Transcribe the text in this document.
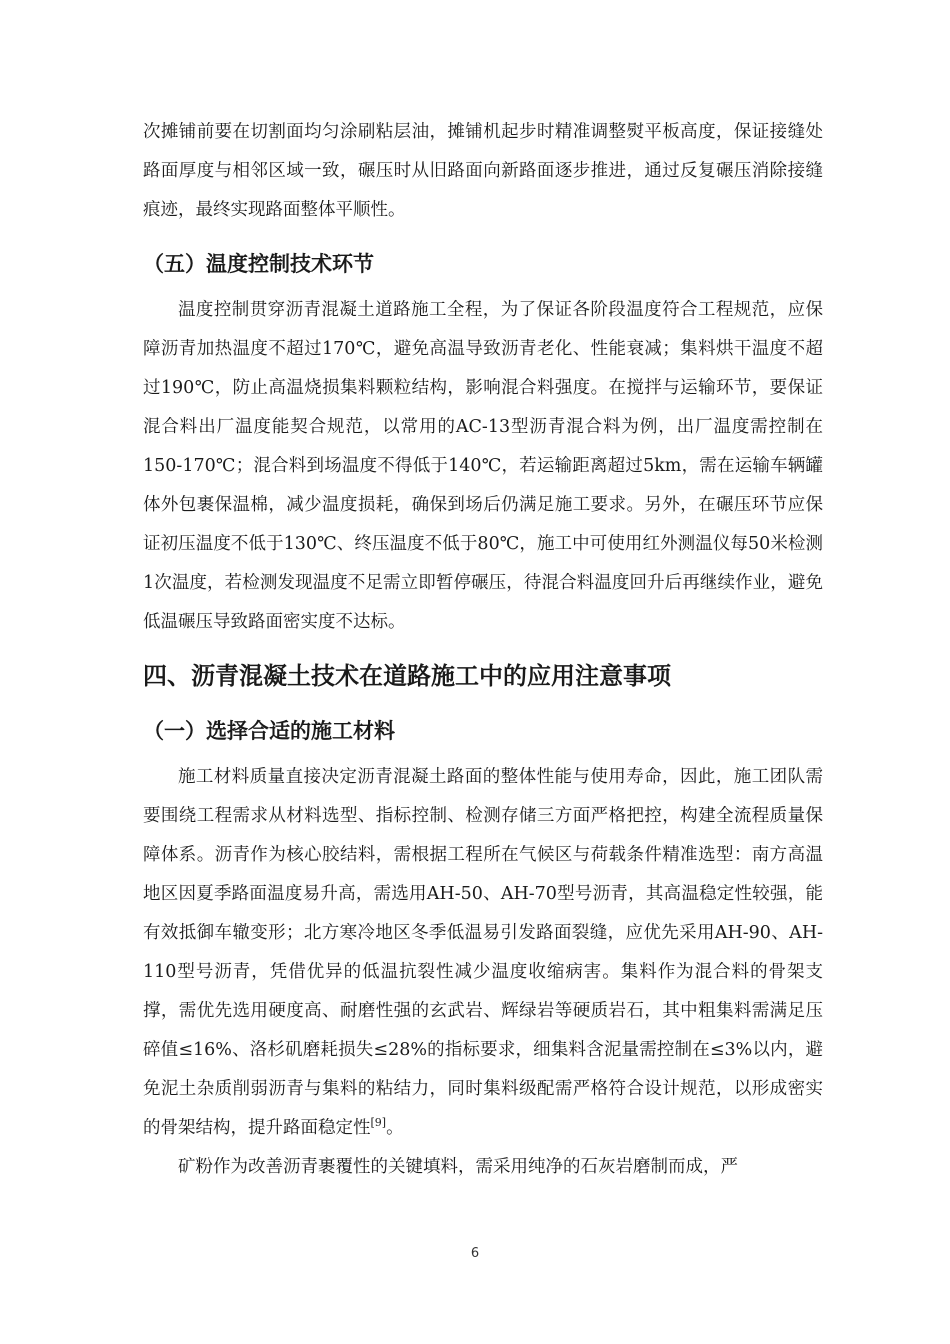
次摊铺前要在切割面均匀涂刷粘层油，摊铺机起步时精准调整熨平板高度，保证接缝处路面厚度与相邻区域一致，碾压时从旧路面向新路面逐步推进，通过反复碾压消除接缝痕迹，最终实现路面整体平顺性。

（五）温度控制技术环节

温度控制贯穿沥青混凝土道路施工全程，为了保证各阶段温度符合工程规范，应保障沥青加热温度不超过170℃，避免高温导致沥青老化、性能衰减；集料烘干温度不超过190℃，防止高温烧损集料颗粒结构，影响混合料强度。在搅拌与运输环节，要保证混合料出厂温度能契合规范，以常用的AC-13型沥青混合料为例，出厂温度需控制在150-170℃；混合料到场温度不得低于140℃，若运输距离超过5km，需在运输车辆罐体外包裹保温棉，减少温度损耗，确保到场后仍满足施工要求。另外，在碾压环节应保证初压温度不低于130℃、终压温度不低于80℃，施工中可使用红外测温仪每50米检测1次温度，若检测发现温度不足需立即暂停碾压，待混合料温度回升后再继续作业，避免低温碾压导致路面密实度不达标。

四、沥青混凝土技术在道路施工中的应用注意事项
（一）选择合适的施工材料

施工材料质量直接决定沥青混凝土路面的整体性能与使用寿命，因此，施工团队需要围绕工程需求从材料选型、指标控制、检测存储三方面严格把控，构建全流程质量保障体系。沥青作为核心胶结料，需根据工程所在气候区与荷载条件精准选型：南方高温地区因夏季路面温度易升高，需选用AH-50、AH-70型号沥青，其高温稳定性较强，能有效抵御车辙变形；北方寒冷地区冬季低温易引发路面裂缝，应优先采用AH-90、AH-110型号沥青，凭借优异的低温抗裂性减少温度收缩病害。集料作为混合料的骨架支撑，需优先选用硬度高、耐磨性强的玄武岩、辉绿岩等硬质岩石，其中粗集料需满足压碎值≤16%、洛杉矶磨耗损失≤28%的指标要求，细集料含泥量需控制在≤3%以内，避免泥土杂质削弱沥青与集料的粘结力，同时集料级配需严格符合设计规范，以形成密实的骨架结构，提升路面稳定性[9]。

矿粉作为改善沥青裹覆性的关键填料，需采用纯净的石灰岩磨制而成，严

6
